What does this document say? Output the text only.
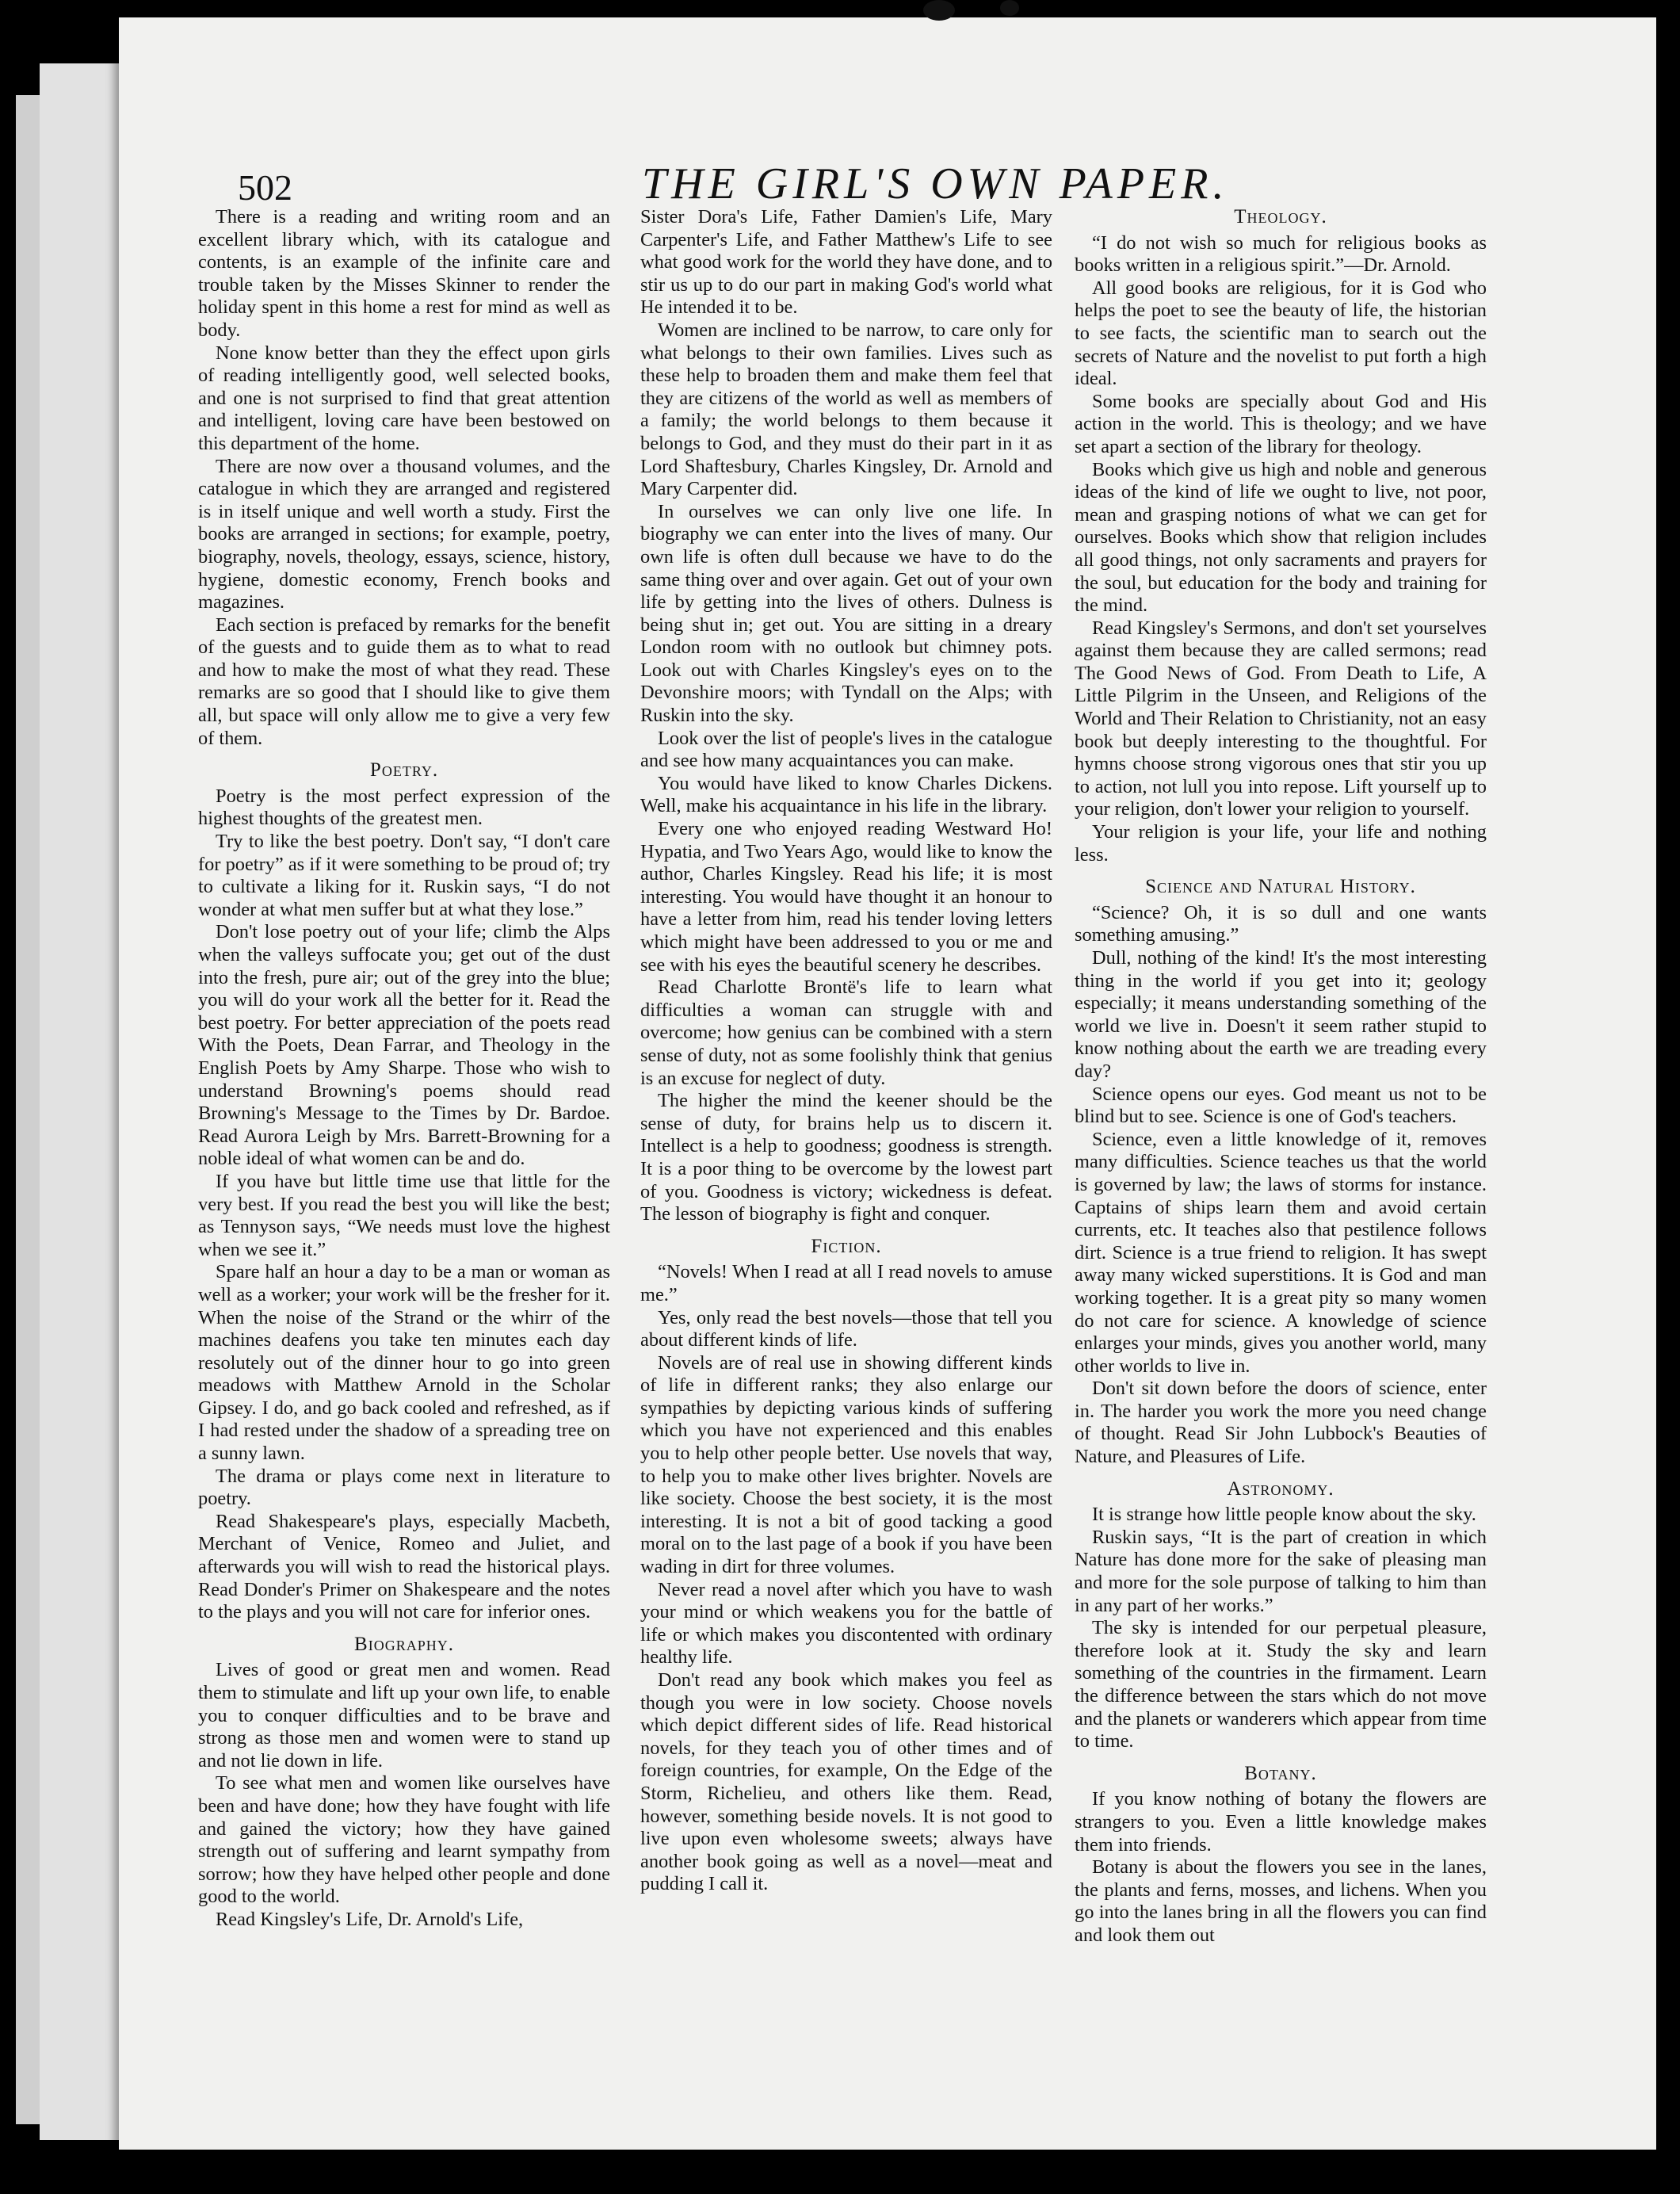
502	THE GIRL'S OWN PAPER.

There is a reading and writing room and an excellent library which, with its catalogue and contents, is an example of the infinite care and trouble taken by the Misses Skinner to render the holiday spent in this home a rest for mind as well as body.

None know better than they the effect upon girls of reading intelligently good, well selected books, and one is not surprised to find that great attention and intelligent, loving care have been bestowed on this department of the home.

There are now over a thousand volumes, and the catalogue in which they are arranged and registered is in itself unique and well worth a study. First the books are arranged in sections; for example, poetry, biography, novels, theology, essays, science, history, hygiene, domestic economy, French books and magazines.

Each section is prefaced by remarks for the benefit of the guests and to guide them as to what to read and how to make the most of what they read. These remarks are so good that I should like to give them all, but space will only allow me to give a very few of them.

Poetry.

Poetry is the most perfect expression of the highest thoughts of the greatest men.

Try to like the best poetry. Don't say, “I don't care for poetry” as if it were something to be proud of; try to cultivate a liking for it. Ruskin says, “I do not wonder at what men suffer but at what they lose.”

Don't lose poetry out of your life; climb the Alps when the valleys suffocate you; get out of the dust into the fresh, pure air; out of the grey into the blue; you will do your work all the better for it. Read the best poetry. For better appreciation of the poets read With the Poets, Dean Farrar, and Theology in the English Poets by Amy Sharpe. Those who wish to understand Browning's poems should read Browning's Message to the Times by Dr. Bardoe. Read Aurora Leigh by Mrs. Barrett-Browning for a noble ideal of what women can be and do.

If you have but little time use that little for the very best. If you read the best you will like the best; as Tennyson says, “We needs must love the highest when we see it.”

Spare half an hour a day to be a man or woman as well as a worker; your work will be the fresher for it. When the noise of the Strand or the whirr of the machines deafens you take ten minutes each day resolutely out of the dinner hour to go into green meadows with Matthew Arnold in the Scholar Gipsey. I do, and go back cooled and refreshed, as if I had rested under the shadow of a spreading tree on a sunny lawn.

The drama or plays come next in literature to poetry.

Read Shakespeare's plays, especially Macbeth, Merchant of Venice, Romeo and Juliet, and afterwards you will wish to read the historical plays. Read Donder's Primer on Shakespeare and the notes to the plays and you will not care for inferior ones.

Biography.

Lives of good or great men and women. Read them to stimulate and lift up your own life, to enable you to conquer difficulties and to be brave and strong as those men and women were to stand up and not lie down in life.

To see what men and women like ourselves have been and have done; how they have fought with life and gained the victory; how they have gained strength out of suffering and learnt sympathy from sorrow; how they have helped other people and done good to the world.

Read Kingsley's Life, Dr. Arnold's Life,

Sister Dora's Life, Father Damien's Life, Mary Carpenter's Life, and Father Matthew's Life to see what good work for the world they have done, and to stir us up to do our part in making God's world what He intended it to be.

Women are inclined to be narrow, to care only for what belongs to their own families. Lives such as these help to broaden them and make them feel that they are citizens of the world as well as members of a family; the world belongs to them because it belongs to God, and they must do their part in it as Lord Shaftesbury, Charles Kingsley, Dr. Arnold and Mary Carpenter did.

In ourselves we can only live one life. In biography we can enter into the lives of many. Our own life is often dull because we have to do the same thing over and over again. Get out of your own life by getting into the lives of others. Dulness is being shut in; get out. You are sitting in a dreary London room with no outlook but chimney pots. Look out with Charles Kingsley's eyes on to the Devonshire moors; with Tyndall on the Alps; with Ruskin into the sky.

Look over the list of people's lives in the catalogue and see how many acquaintances you can make.

You would have liked to know Charles Dickens. Well, make his acquaintance in his life in the library.

Every one who enjoyed reading Westward Ho! Hypatia, and Two Years Ago, would like to know the author, Charles Kingsley. Read his life; it is most interesting. You would have thought it an honour to have a letter from him, read his tender loving letters which might have been addressed to you or me and see with his eyes the beautiful scenery he describes.

Read Charlotte Brontë's life to learn what difficulties a woman can struggle with and overcome; how genius can be combined with a stern sense of duty, not as some foolishly think that genius is an excuse for neglect of duty.

The higher the mind the keener should be the sense of duty, for brains help us to discern it. Intellect is a help to goodness; goodness is strength. It is a poor thing to be overcome by the lowest part of you. Goodness is victory; wickedness is defeat. The lesson of biography is fight and conquer.

Fiction.

“Novels! When I read at all I read novels to amuse me.”

Yes, only read the best novels—those that tell you about different kinds of life.

Novels are of real use in showing different kinds of life in different ranks; they also enlarge our sympathies by depicting various kinds of suffering which you have not experienced and this enables you to help other people better. Use novels that way, to help you to make other lives brighter. Novels are like society. Choose the best society, it is the most interesting. It is not a bit of good tacking a good moral on to the last page of a book if you have been wading in dirt for three volumes.

Never read a novel after which you have to wash your mind or which weakens you for the battle of life or which makes you discontented with ordinary healthy life.

Don't read any book which makes you feel as though you were in low society. Choose novels which depict different sides of life. Read historical novels, for they teach you of other times and of foreign countries, for example, On the Edge of the Storm, Richelieu, and others like them. Read, however, something beside novels. It is not good to live upon even wholesome sweets; always have another book going as well as a novel—meat and pudding I call it.

Theology.

“I do not wish so much for religious books as books written in a religious spirit.”—Dr. Arnold.

All good books are religious, for it is God who helps the poet to see the beauty of life, the historian to see facts, the scientific man to search out the secrets of Nature and the novelist to put forth a high ideal.

Some books are specially about God and His action in the world. This is theology; and we have set apart a section of the library for theology.

Books which give us high and noble and generous ideas of the kind of life we ought to live, not poor, mean and grasping notions of what we can get for ourselves. Books which show that religion includes all good things, not only sacraments and prayers for the soul, but education for the body and training for the mind.

Read Kingsley's Sermons, and don't set yourselves against them because they are called sermons; read The Good News of God. From Death to Life, A Little Pilgrim in the Unseen, and Religions of the World and Their Relation to Christianity, not an easy book but deeply interesting to the thoughtful. For hymns choose strong vigorous ones that stir you up to action, not lull you into repose. Lift yourself up to your religion, don't lower your religion to yourself.

Your religion is your life, your life and nothing less.

Science and Natural History.

“Science? Oh, it is so dull and one wants something amusing.”

Dull, nothing of the kind! It's the most interesting thing in the world if you get into it; geology especially; it means understanding something of the world we live in. Doesn't it seem rather stupid to know nothing about the earth we are treading every day?

Science opens our eyes. God meant us not to be blind but to see. Science is one of God's teachers.

Science, even a little knowledge of it, removes many difficulties. Science teaches us that the world is governed by law; the laws of storms for instance. Captains of ships learn them and avoid certain currents, etc. It teaches also that pestilence follows dirt. Science is a true friend to religion. It has swept away many wicked superstitions. It is God and man working together. It is a great pity so many women do not care for science. A knowledge of science enlarges your minds, gives you another world, many other worlds to live in.

Don't sit down before the doors of science, enter in. The harder you work the more you need change of thought. Read Sir John Lubbock's Beauties of Nature, and Pleasures of Life.

Astronomy.

It is strange how little people know about the sky.

Ruskin says, “It is the part of creation in which Nature has done more for the sake of pleasing man and more for the sole purpose of talking to him than in any part of her works.”

The sky is intended for our perpetual pleasure, therefore look at it. Study the sky and learn something of the countries in the firmament. Learn the difference between the stars which do not move and the planets or wanderers which appear from time to time.

Botany.

If you know nothing of botany the flowers are strangers to you. Even a little knowledge makes them into friends.

Botany is about the flowers you see in the lanes, the plants and ferns, mosses, and lichens. When you go into the lanes bring in all the flowers you can find and look them out
